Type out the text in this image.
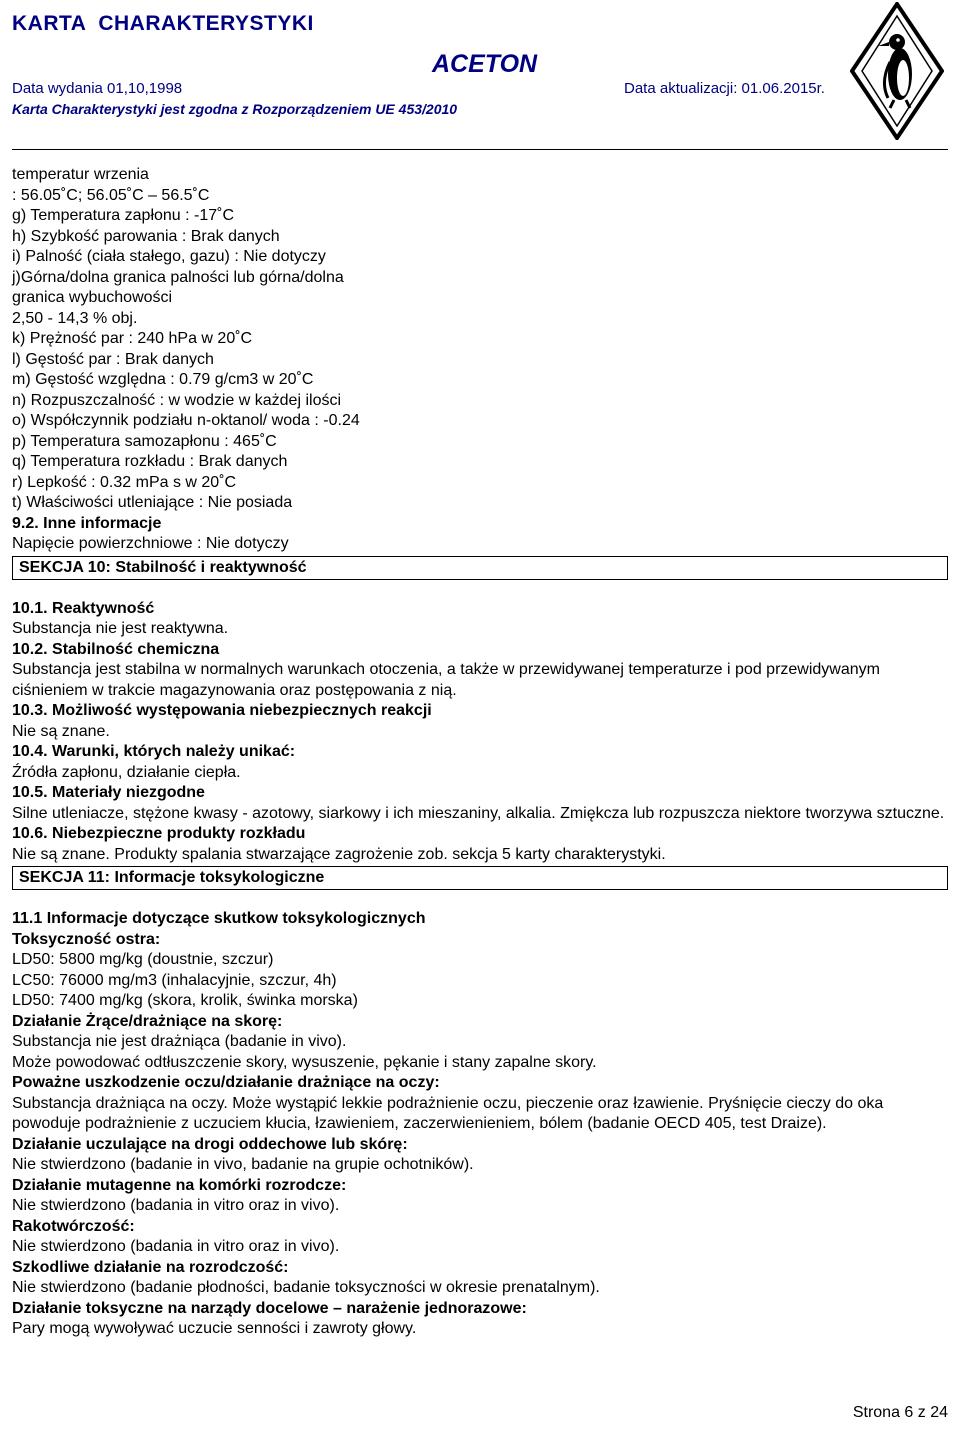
KARTA  CHARAKTERYSTYKI
ACETON
Data wydania 01,10,1998	Data aktualizacji: 01.06.2015r.
Karta Charakterystyki jest zgodna z Rozporządzeniem UE 453/2010
temperatur wrzenia
: 56.05˚C; 56.05˚C – 56.5˚C
g) Temperatura zapłonu : -17˚C
h) Szybkość parowania : Brak danych
i) Palność (ciała stałego, gazu) : Nie dotyczy
j)Górna/dolna granica palności lub górna/dolna
granica wybuchowości
2,50 - 14,3 % obj.
k) Prężność par : 240 hPa w 20˚C
l) Gęstość par : Brak danych
m) Gęstość względna : 0.79 g/cm3 w 20˚C
n) Rozpuszczalność : w wodzie w każdej ilości
o) Współczynnik podziału n-oktanol/ woda : -0.24
p) Temperatura samozapłonu : 465˚C
q) Temperatura rozkładu : Brak danych
r) Lepkość : 0.32 mPa s w 20˚C
t) Właściwości utleniające : Nie posiada
9.2. Inne informacje
Napięcie powierzchniowe : Nie dotyczy
SEKCJA 10: Stabilność i reaktywność
10.1. Reaktywność
Substancja nie jest reaktywna.
10.2. Stabilność chemiczna
Substancja jest stabilna w normalnych warunkach otoczenia, a także w przewidywanej temperaturze i pod przewidywanym ciśnieniem w trakcie magazynowania oraz postępowania z nią.
10.3. Możliwość występowania niebezpiecznych reakcji
Nie są znane.
10.4. Warunki, których należy unikać:
Źródła zapłonu, działanie ciepła.
10.5. Materiały niezgodne
Silne utleniacze, stężone kwasy - azotowy, siarkowy i ich mieszaniny, alkalia. Zmiękcza lub rozpuszcza niektore tworzywa sztuczne.
10.6. Niebezpieczne produkty rozkładu
Nie są znane. Produkty spalania stwarzające zagrożenie zob. sekcja 5 karty charakterystyki.
SEKCJA 11: Informacje toksykologiczne
11.1 Informacje dotyczące skutkow toksykologicznych
Toksyczność ostra:
LD50: 5800 mg/kg (doustnie, szczur)
LC50: 76000 mg/m3 (inhalacyjnie, szczur, 4h)
LD50: 7400 mg/kg (skora, krolik, świnka morska)
Działanie Żrące/drażniące na skorę:
Substancja nie jest drażniąca (badanie in vivo).
Może powodować odtłuszczenie skory, wysuszenie, pękanie i stany zapalne skory.
Poważne uszkodzenie oczu/działanie drażniące na oczy:
Substancja drażniąca na oczy. Może wystąpić lekkie podrażnienie oczu, pieczenie oraz łzawienie. Pryśnięcie cieczy do oka powoduje podrażnienie z uczuciem kłucia, łzawieniem, zaczerwienieniem, bólem (badanie OECD 405, test Draize).
Działanie uczulające na drogi oddechowe lub skórę:
Nie stwierdzono (badanie in vivo, badanie na grupie ochotników).
Działanie mutagenne na komórki rozrodcze:
Nie stwierdzono (badania in vitro oraz in vivo).
Rakotwórczość:
Nie stwierdzono (badania in vitro oraz in vivo).
Szkodliwe działanie na rozrodczość:
Nie stwierdzono (badanie płodności, badanie toksyczności w okresie prenatalnym).
Działanie toksyczne na narządy docelowe – narażenie jednorazowe:
Pary mogą wywoływać uczucie senności i zawroty głowy.
Strona 6 z 24
